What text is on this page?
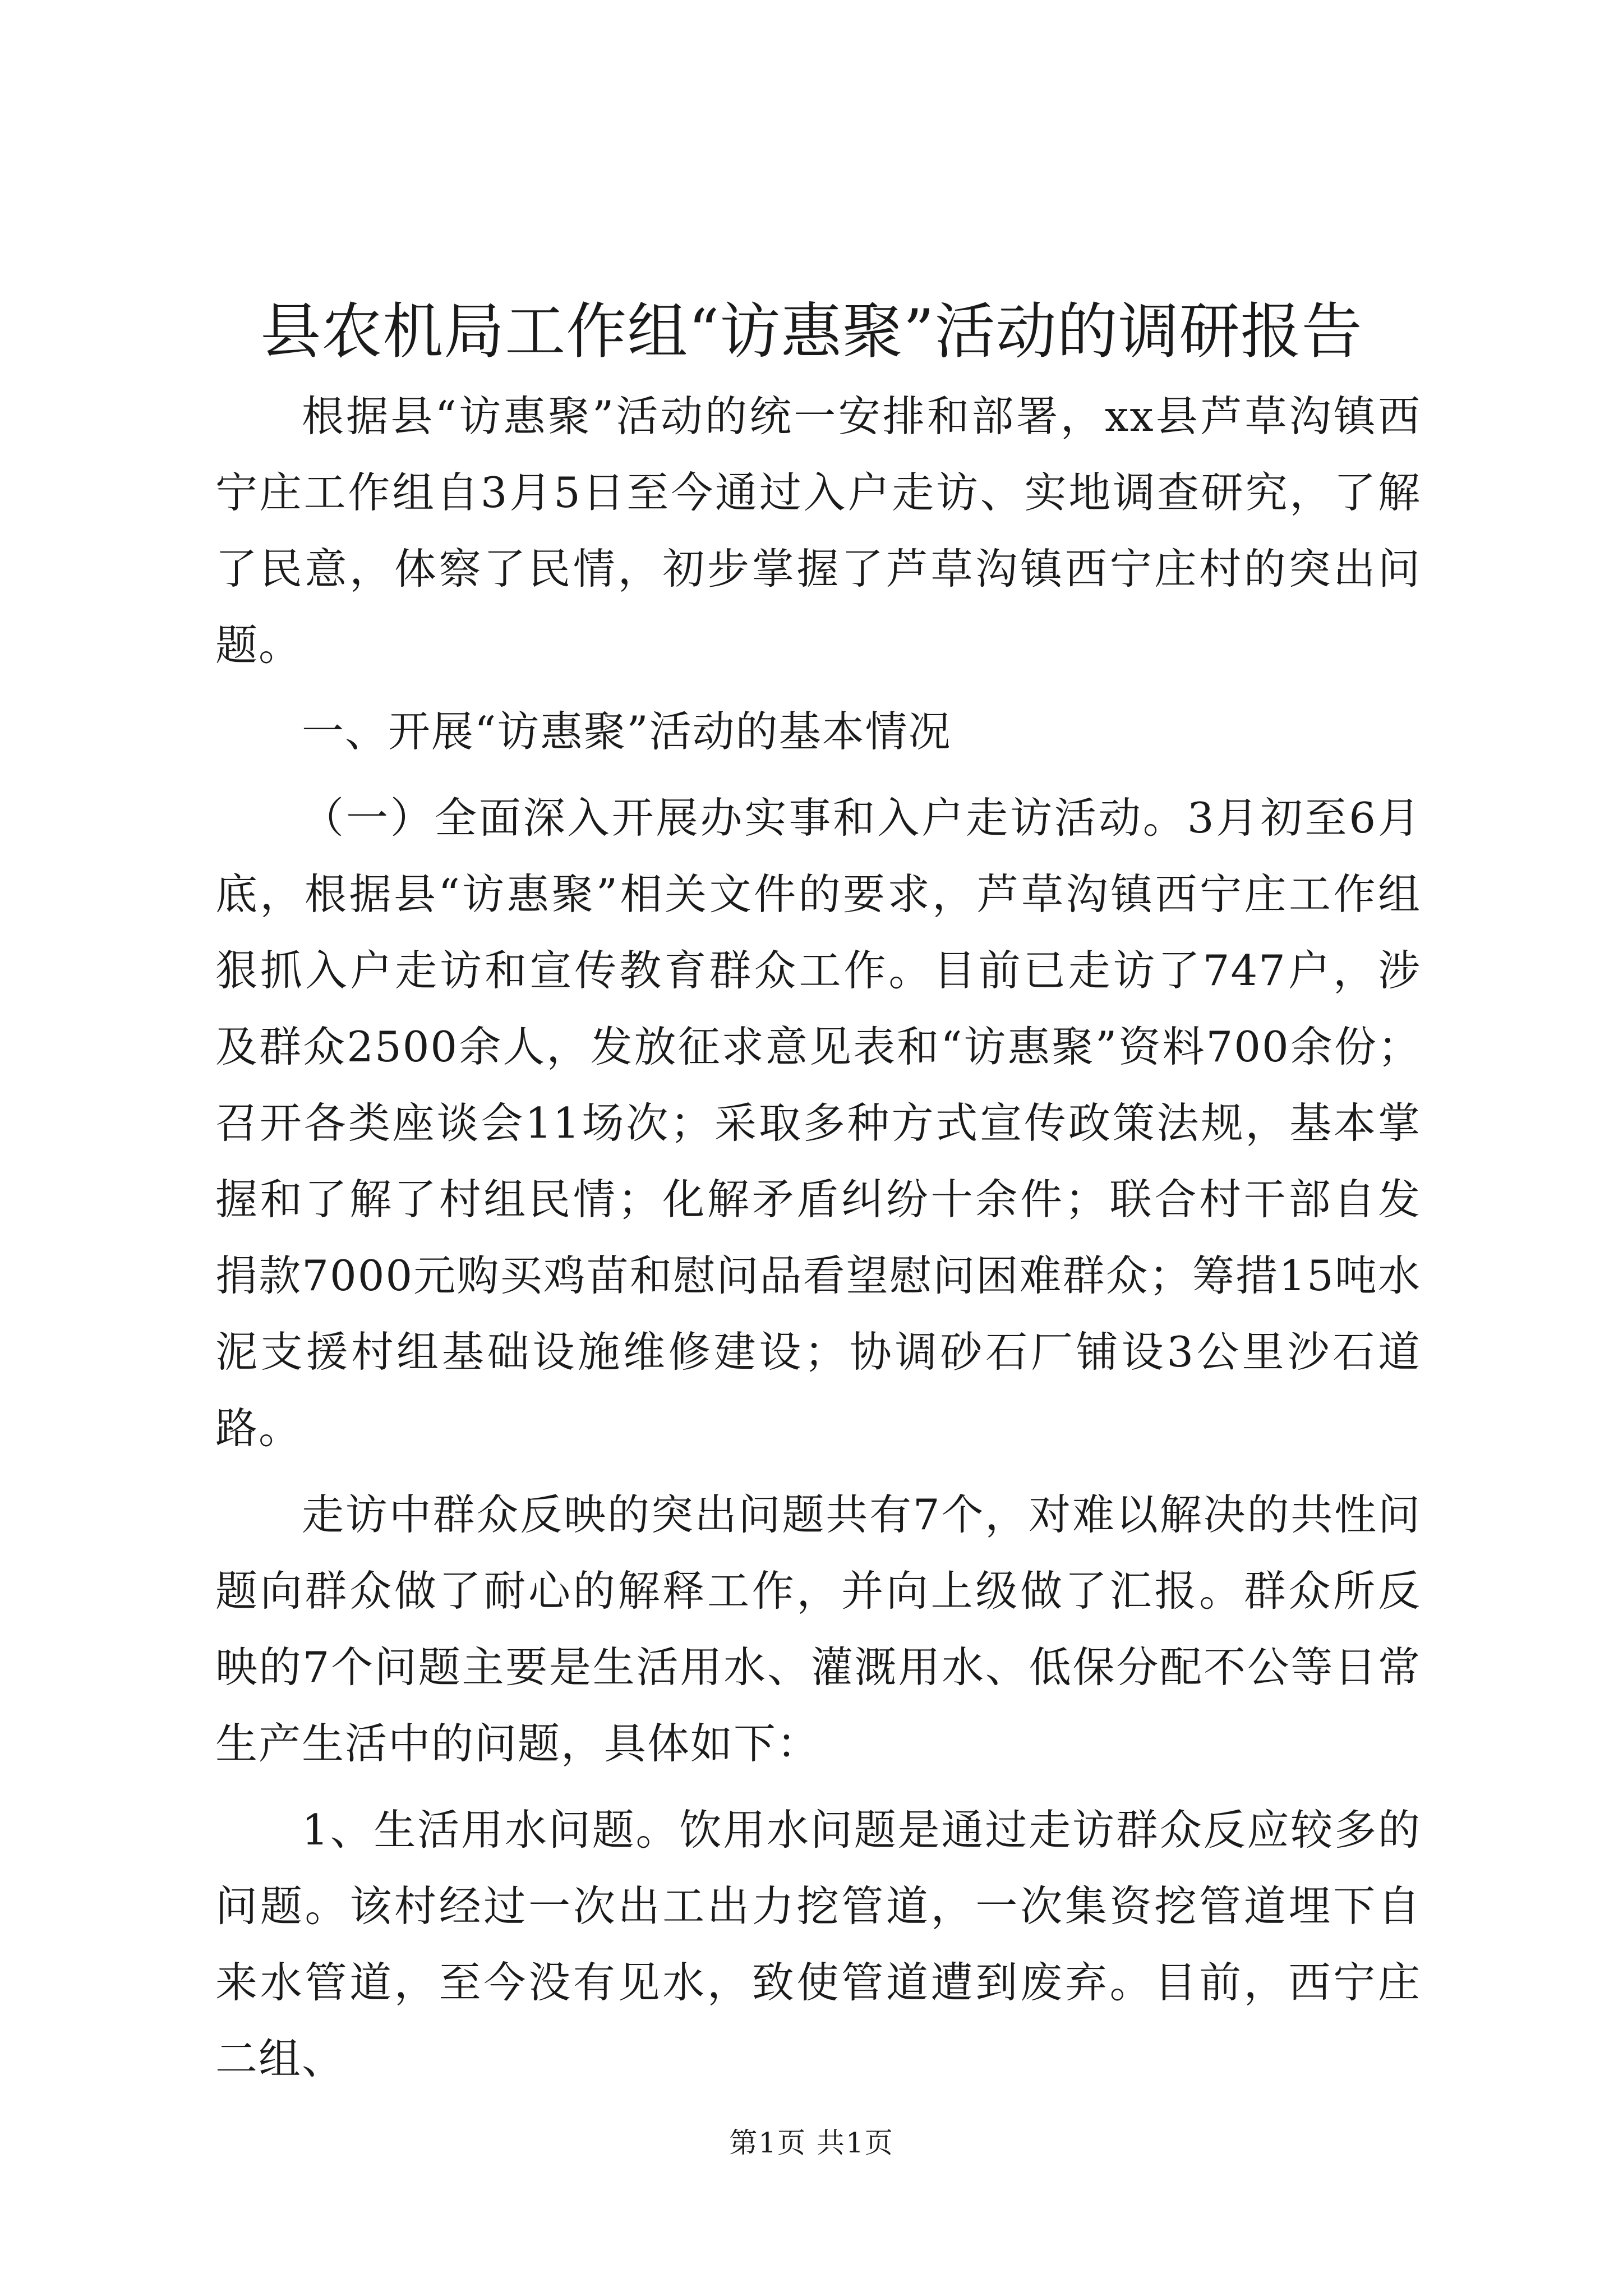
县农机局工作组“访惠聚”活动的调研报告

根据县“访惠聚”活动的统一安排和部署，xx县芦草沟镇西宁庄工作组自3月5日至今通过入户走访、实地调查研究，了解了民意，体察了民情，初步掌握了芦草沟镇西宁庄村的突出问题。

一、开展“访惠聚”活动的基本情况

（一）全面深入开展办实事和入户走访活动。3月初至6月底，根据县“访惠聚”相关文件的要求，芦草沟镇西宁庄工作组狠抓入户走访和宣传教育群众工作。目前已走访了747户，涉及群众2500余人，发放征求意见表和“访惠聚”资料700余份；召开各类座谈会11场次；采取多种方式宣传政策法规，基本掌握和了解了村组民情；化解矛盾纠纷十余件；联合村干部自发捐款7000元购买鸡苗和慰问品看望慰问困难群众；筹措15吨水泥支援村组基础设施维修建设；协调砂石厂铺设3公里沙石道路。

走访中群众反映的突出问题共有7个，对难以解决的共性问题向群众做了耐心的解释工作，并向上级做了汇报。群众所反映的7个问题主要是生活用水、灌溉用水、低保分配不公等日常生产生活中的问题，具体如下：

1、生活用水问题。饮用水问题是通过走访群众反应较多的问题。该村经过一次出工出力挖管道，一次集资挖管道埋下自来水管道，至今没有见水，致使管道遭到废弃。目前，西宁庄二组、

第1页 共1页
